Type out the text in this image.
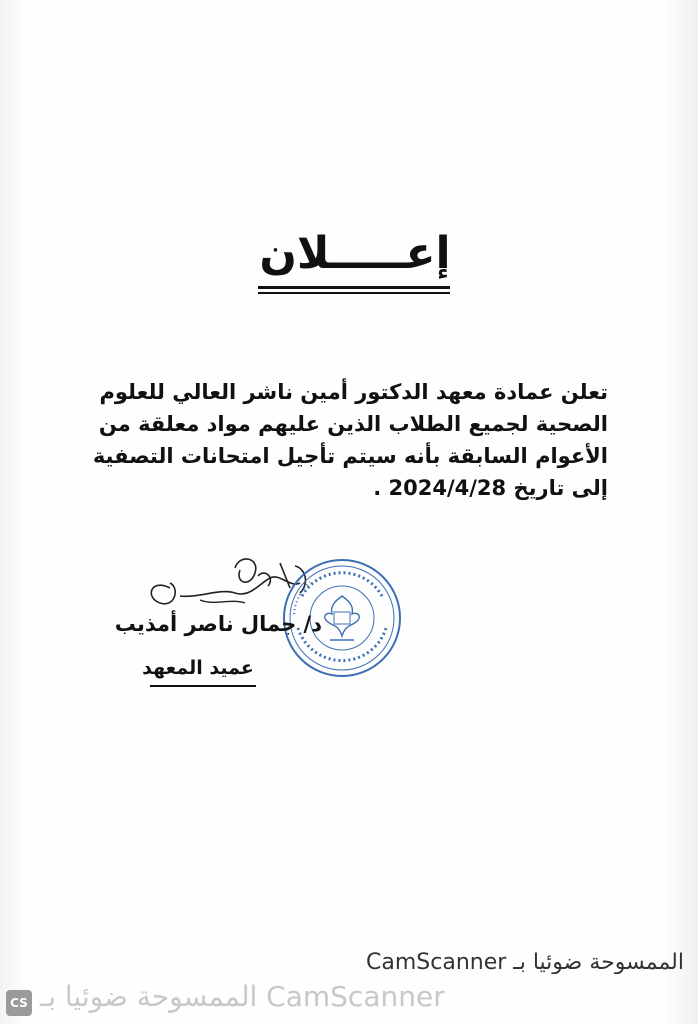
إعـــــلان

تعلن عمادة معهد الدكتور أمين ناشر العالي للعلوم

الصحية لجميع الطلاب الذين عليهم مواد معلقة من

الأعوام السابقة بأنه سيتم تأجيل امتحانات التصفية

إلى تاريخ 2024/4/28 .

د/ جمال ناصر أمذيب
عميد المعهد
CamScanner الممسوحة ضوئيا بـ
CS الممسوحة ضوئيا بـ CamScanner
